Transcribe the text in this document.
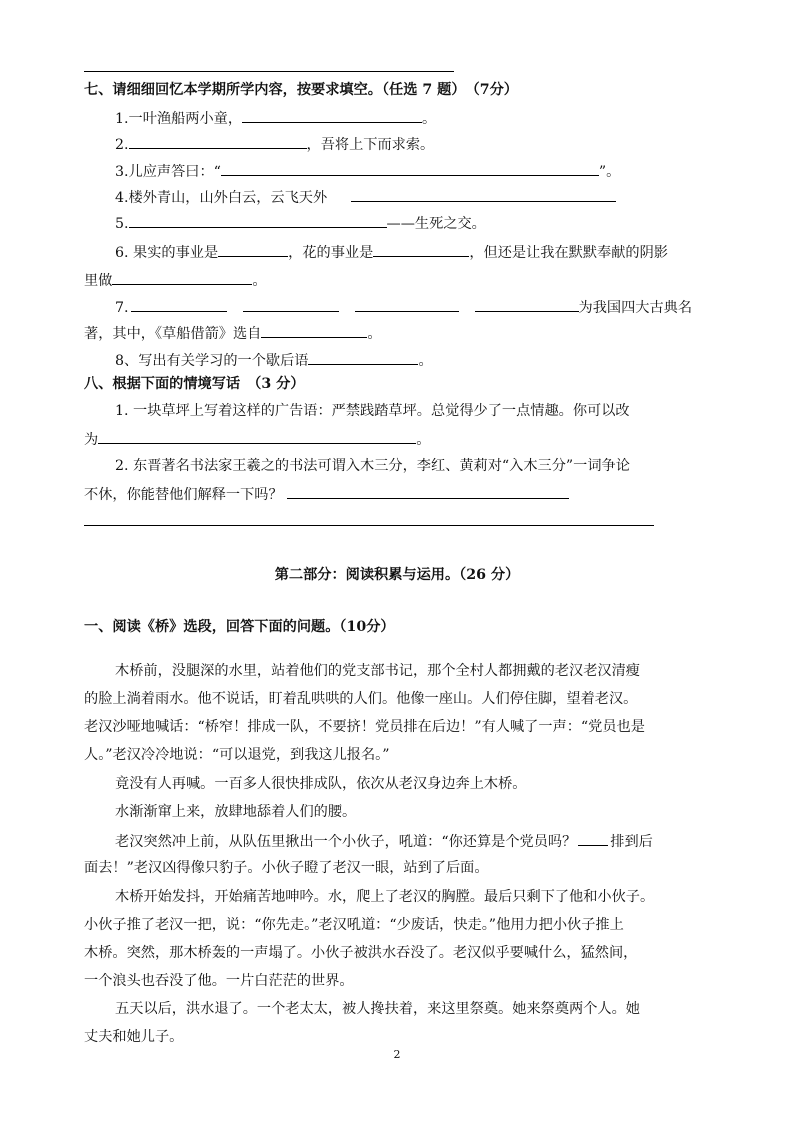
七、请细细回忆本学期所学内容，按要求填空。（任选 7 题）　（7分）
1.一叶渔船两小童，	。
2.	，吾将上下而求索。
3.儿应声答曰：“	”。
4.楼外青山，山外白云，云飞天外
5.	——生死之交。
6. 果实的事业是	，花的事业是	，但还是让我在默默奉献的阴影
里做	。
7.	为我国四大古典名
著，其中，《草船借箭》选自	。
8、写出有关学习的一个歇后语	。
八、根据下面的情境写话　（3 分）
1. 一块草坪上写着这样的广告语：严禁践踏草坪。总觉得少了一点情趣。你可以改
为	。
2. 东晋著名书法家王羲之的书法可谓入木三分，李红、黄莉对“入木三分”一词争论
不休，你能替他们解释一下吗？
第二部分：阅读积累与运用。（26 分）
一、阅读《桥》选段，回答下面的问题。（10分）
木桥前，没腿深的水里，站着他们的党支部书记，那个全村人都拥戴的老汉老汉清瘦
的脸上淌着雨水。他不说话，盯着乱哄哄的人们。他像一座山。人们停住脚，望着老汉。
老汉沙哑地喊话：“桥窄！排成一队，不要挤！党员排在后边！”有人喊了一声：“党员也是
人。”老汉冷冷地说：“可以退党，到我这儿报名。”
竟没有人再喊。一百多人很快排成队，依次从老汉身边奔上木桥。
水渐渐窜上来，放肆地舔着人们的腰。
老汉突然冲上前，从队伍里揪出一个小伙子，吼道：“你还算是个党员吗？ 排到后
面去！”老汉凶得像只豹子。小伙子瞪了老汉一眼，站到了后面。
木桥开始发抖，开始痛苦地呻吟。水，爬上了老汉的胸膛。最后只剩下了他和小伙子。
小伙子推了老汉一把，说：“你先走。”老汉吼道：“少废话，快走。”他用力把小伙子推上
木桥。突然，那木桥轰的一声塌了。小伙子被洪水吞没了。老汉似乎要喊什么，猛然间，
一个浪头也吞没了他。一片白茫茫的世界。
五天以后，洪水退了。一个老太太，被人搀扶着，来这里祭奠。她来祭奠两个人。她
丈夫和她儿子。
2
